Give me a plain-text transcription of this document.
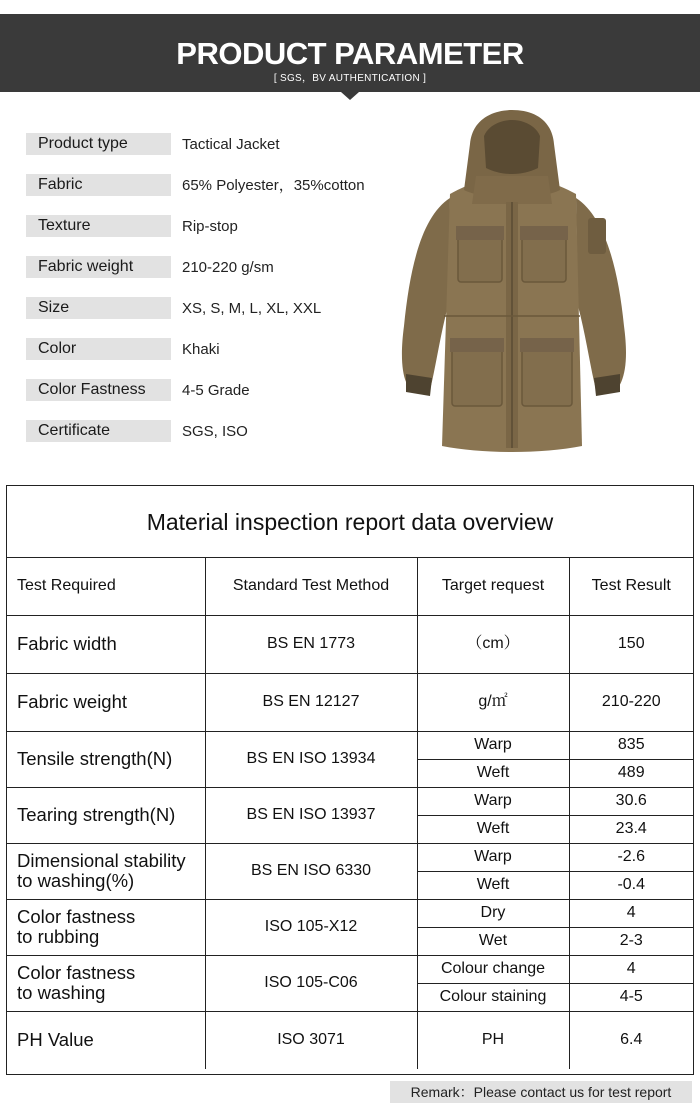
PRODUCT PARAMETER
[ SGS，BV AUTHENTICATION ]
Product type	Tactical Jacket
Fabric	65% Polyester，35%cotton
Texture	Rip-stop
Fabric weight	210-220 g/sm
Size	XS, S, M, L, XL, XXL
Color	Khaki
Color Fastness	4-5 Grade
Certificate	SGS, ISO
Material inspection report data overview
Test Required	Standard Test Method	Target request	Test Result
Fabric width	BS EN 1773	（cm）	150
Fabric weight	BS EN 12127	g/㎡	210-220
Tensile strength(N)	BS EN ISO 13934	Warp	835
		Weft	489
Tearing strength(N)	BS EN ISO 13937	Warp	30.6
		Weft	23.4

Dimensional stability
to washing(%)	BS EN ISO 6330	Warp	-2.6
		Weft	-0.4

Color fastness
to rubbing	ISO 105-X12	Dry	4
		Wet	2-3

Color fastness
to washing	ISO 105-C06	Colour change	4
		Colour staining	4-5
PH Value	ISO 3071	PH	6.4
Remark：Please contact us for test report
